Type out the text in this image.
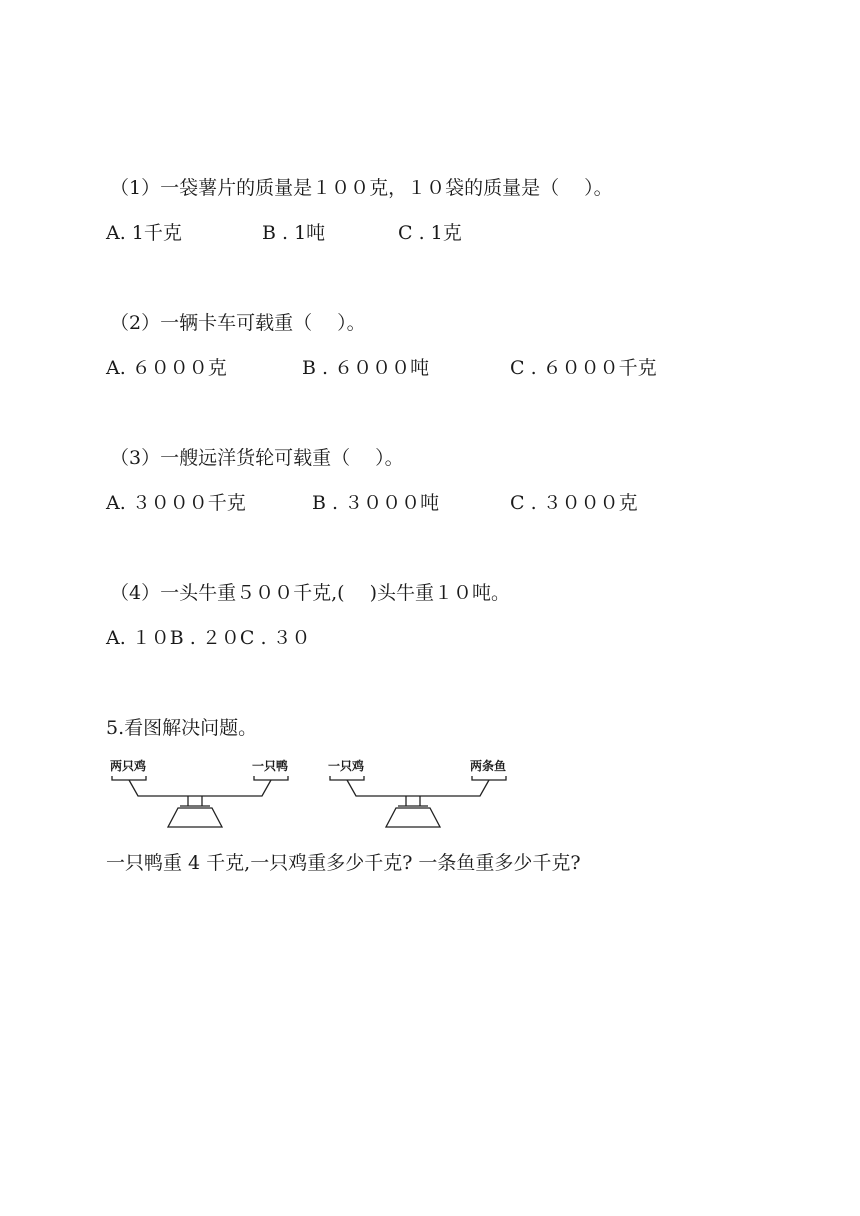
（1）一袋薯片的质量是１００克，１０袋的质量是（　 ）。

A. 1千克

	B . 1吨

	C . 1克

（2）一辆卡车可载重（　 ）。

A. ６０００克

	B . ６０００吨

	C . ６０００千克

（3）一艘远洋货轮可载重（　 ）。

A. ３０００千克

	B . ３０００吨

	C . ３０００克

（4）一头牛重５００千克,(　 )头牛重１０吨。
A. １０B . ２０C . ３０
5.看图解决问题。
两只鸡	一只鸭	一只鸡	两条鱼
一只鸭重 4 千克,一只鸡重多少千克? 一条鱼重多少千克?
